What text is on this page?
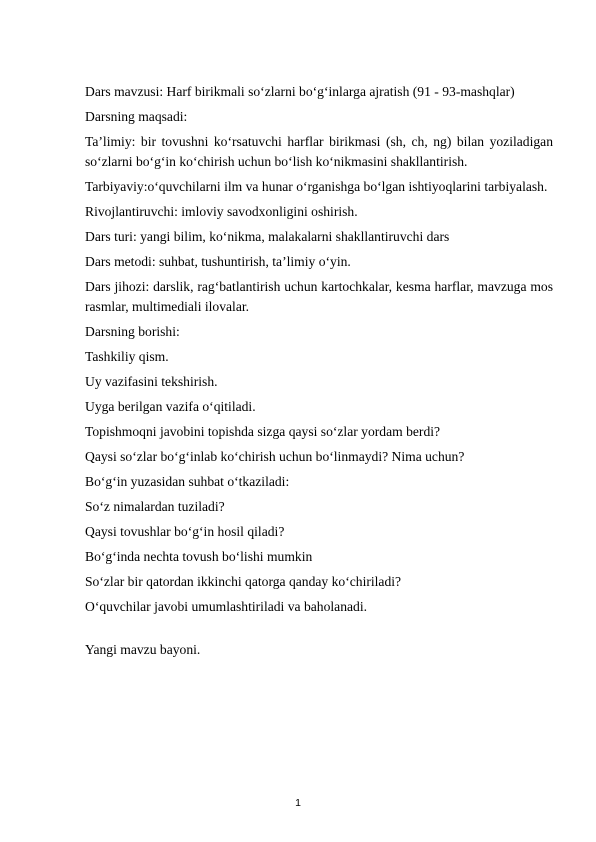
Dars mavzusi: Harf birikmali so‘zlarni bo‘g‘inlarga ajratish (91 - 93-mashqlar)

Darsning maqsadi:

Ta’limiy: bir tovushni ko‘rsatuvchi harflar birikmasi (sh, ch, ng) bilan yoziladigan so‘zlarni bo‘g‘in ko‘chirish uchun bo‘lish ko‘nikmasini shakllantirish.

Tarbiyaviy:o‘quvchilarni ilm va hunar o‘rganishga bo‘lgan ishtiyoqlarini tarbiyalash.

Rivojlantiruvchi: imloviy savodxonligini oshirish.

Dars turi: yangi bilim, ko‘nikma, malakalarni shakllantiruvchi dars

Dars metodi: suhbat, tushuntirish, ta’limiy o‘yin.

Dars jihozi: darslik, rag‘batlantirish uchun kartochkalar, kesma harflar, mavzuga mos rasmlar, multimediali ilovalar.

Darsning borishi:

Tashkiliy qism.

Uy vazifasini tekshirish.

Uyga berilgan vazifa o‘qitiladi.

Topishmoqni javobini topishda sizga qaysi so‘zlar yordam berdi?

Qaysi so‘zlar bo‘g‘inlab ko‘chirish uchun bo‘linmaydi? Nima uchun?

Bo‘g‘in yuzasidan suhbat o‘tkaziladi:

So‘z nimalardan tuziladi?

Qaysi tovushlar bo‘g‘in hosil qiladi?

Bo‘g‘inda nechta tovush bo‘lishi mumkin

So‘zlar bir qatordan ikkinchi qatorga qanday ko‘chiriladi?

O‘quvchilar javobi umumlashtiriladi va baholanadi.

Yangi mavzu bayoni.

1
